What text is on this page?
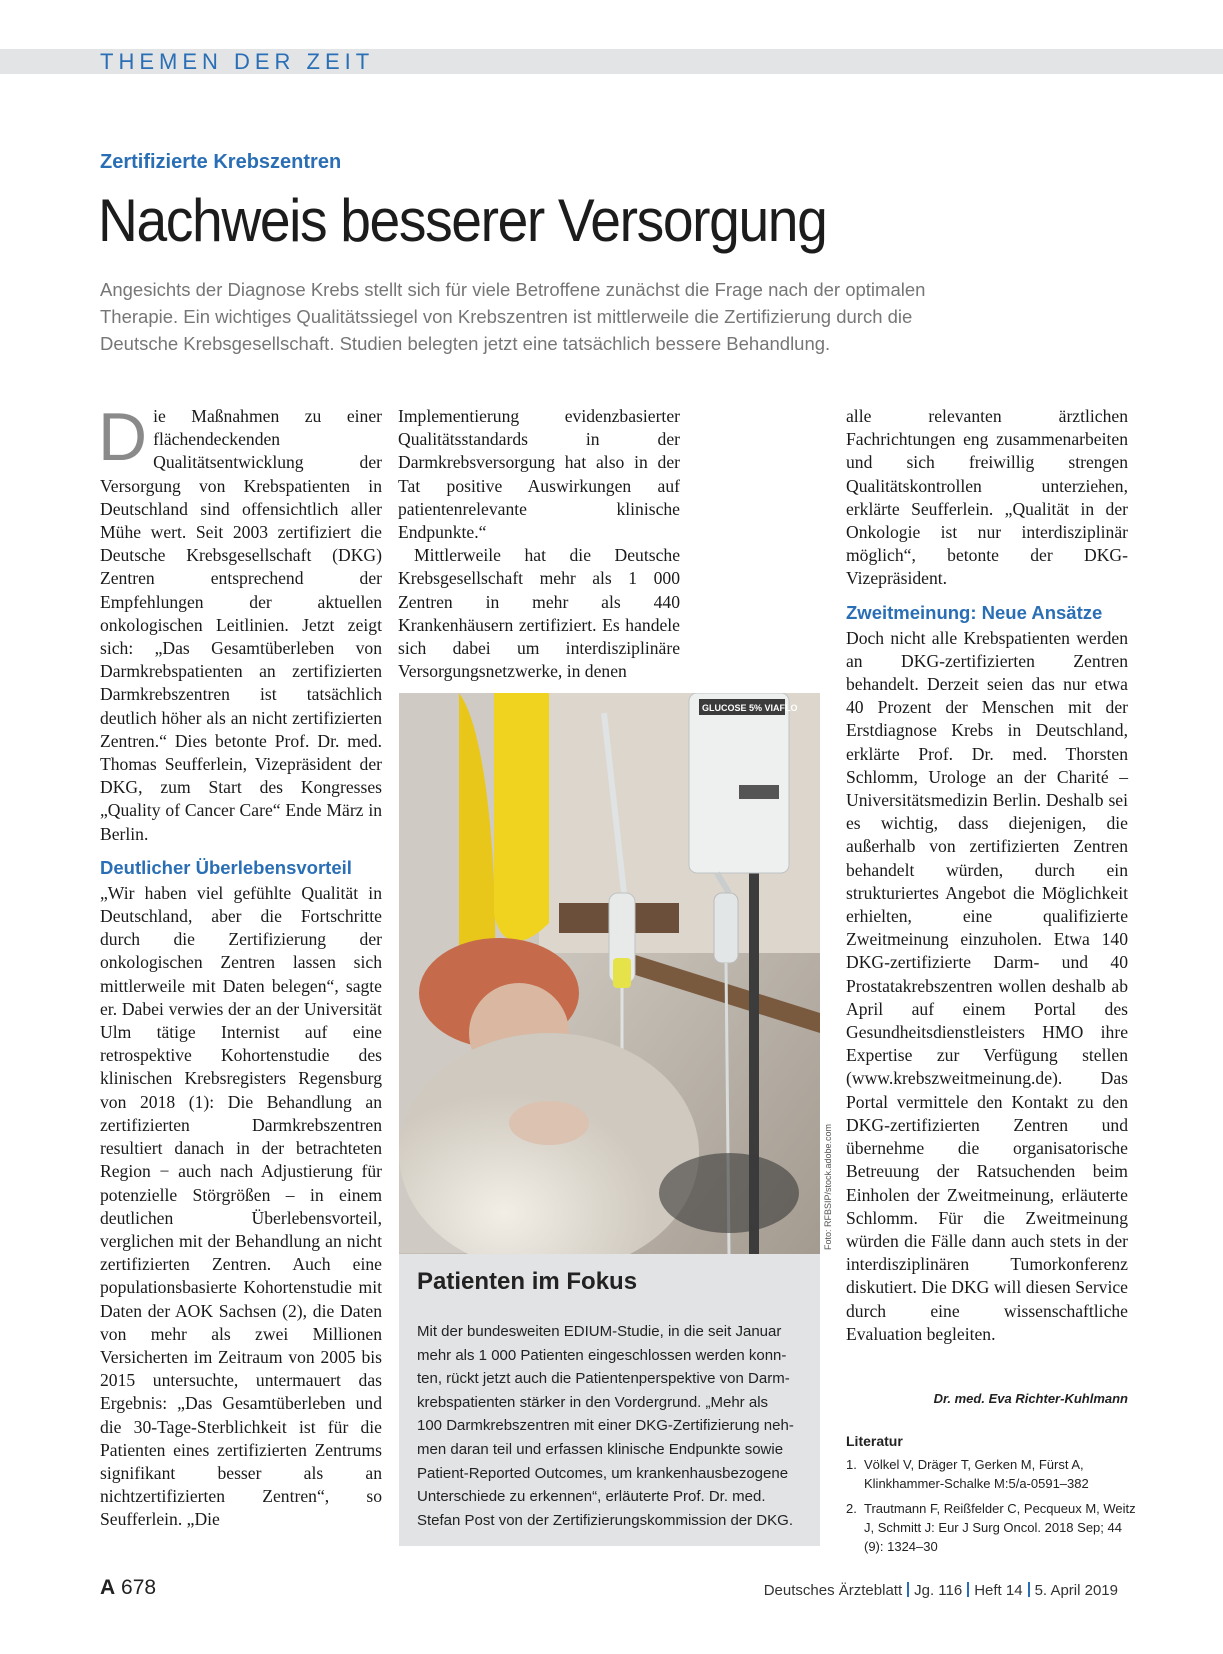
THEMEN DER ZEIT
Zertifizierte Krebszentren
Nachweis besserer Versorgung
Angesichts der Diagnose Krebs stellt sich für viele Betroffene zunächst die Frage nach der optimalen
Therapie. Ein wichtiges Qualitätssiegel von Krebszentren ist mittlerweile die Zertifizierung durch die
Deutsche Krebsgesellschaft. Studien belegten jetzt eine tatsächlich bessere Behandlung.

Die Maßnahmen zu einer flächendeckenden Qualitätsentwicklung der Versorgung von Krebspatienten in Deutschland sind offensichtlich aller Mühe wert. Seit 2003 zertifiziert die Deutsche Krebsgesellschaft (DKG) Zentren entsprechend der Empfehlungen der aktuellen onkologischen Leitlinien. Jetzt zeigt sich: „Das Gesamtüberleben von Darmkrebspatienten an zertifizierten Darmkrebszentren ist tatsächlich deutlich höher als an nicht zertifizierten Zentren.“ Dies betonte Prof. Dr. med. Thomas Seufferlein, Vizepräsident der DKG, zum Start des Kongresses „Quality of Cancer Care“ Ende März in Berlin.

Deutlicher Überlebensvorteil

„Wir haben viel gefühlte Qualität in Deutschland, aber die Fortschritte durch die Zertifizierung der onkologischen Zentren lassen sich mittlerweile mit Daten belegen“, sagte er. Dabei verwies der an der Universität Ulm tätige Internist auf eine retrospektive Kohortenstudie des klinischen Krebsregisters Regensburg von 2018 (1): Die Behandlung an zertifizierten Darmkrebszentren resultiert danach in der betrachteten Region − auch nach Adjustierung für potenzielle Störgrößen – in einem deutlichen Überlebensvorteil, verglichen mit der Behandlung an nicht zertifizierten Zentren. Auch eine populationsbasierte Kohortenstudie mit Daten der AOK Sachsen (2), die Daten von mehr als zwei Millionen Versicherten im Zeitraum von 2005 bis 2015 untersuchte, untermauert das Ergebnis: „Das Gesamtüberleben und die 30-Tage-Sterblichkeit ist für die Patienten eines zertifizierten Zentrums signifikant besser als an nichtzertifizierten Zentren“, so Seufferlein. „Die

Implementierung evidenzbasierter Qualitätsstandards in der Darmkrebsversorgung hat also in der Tat positive Auswirkungen auf patientenrelevante klinische Endpunkte.“

Mittlerweile hat die Deutsche Krebsgesellschaft mehr als 1 000 Zentren in mehr als 440 Krankenhäusern zertifiziert. Es handele sich dabei um interdisziplinäre Versorgungsnetzwerke, in denen

GLUCOSE 5% VIAFLO
Foto: RFBSIP/stock.adobe.com
Patienten im Fokus
Mit der bundesweiten EDIUM-Studie, in die seit Januar
mehr als 1 000 Patienten eingeschlossen werden konn-
ten, rückt jetzt auch die Patientenperspektive von Darm-
krebspatienten stärker in den Vordergrund. „Mehr als
100 Darmkrebszentren mit einer DKG-Zertifizierung neh-
men daran teil und erfassen klinische Endpunkte sowie
Patient-Reported Outcomes, um krankenhausbezogene
Unterschiede zu erkennen“, erläuterte Prof. Dr. med.
Stefan Post von der Zertifizierungskommission der DKG.

alle relevanten ärztlichen Fachrichtungen eng zusammenarbeiten und sich freiwillig strengen Qualitätskontrollen unterziehen, erklärte Seufferlein. „Qualität in der Onkologie ist nur interdisziplinär möglich“, betonte der DKG-Vizepräsident.

Zweitmeinung: Neue Ansätze

Doch nicht alle Krebspatienten werden an DKG-zertifizierten Zentren behandelt. Derzeit seien das nur etwa 40 Prozent der Menschen mit der Erstdiagnose Krebs in Deutschland, erklärte Prof. Dr. med. Thorsten Schlomm, Urologe an der Charité – Universitätsmedizin Berlin. Deshalb sei es wichtig, dass diejenigen, die außerhalb von zertifizierten Zentren behandelt würden, durch ein strukturiertes Angebot die Möglichkeit erhielten, eine qualifizierte Zweitmeinung einzuholen. Etwa 140 DKG-zertifizierte Darm- und 40 Prostatakrebszentren wollen deshalb ab April auf einem Portal des Gesundheitsdienstleisters HMO ihre Expertise zur Verfügung stellen (www.krebszweitmeinung.de). Das Portal vermittele den Kontakt zu den DKG-zertifizierten Zentren und übernehme die organisatorische Betreuung der Ratsuchenden beim Einholen der Zweitmeinung, erläuterte Schlomm. Für die Zweitmeinung würden die Fälle dann auch stets in der interdisziplinären Tumorkonferenz diskutiert. Die DKG will diesen Service durch eine wissenschaftliche Evaluation begleiten.

Dr. med. Eva Richter-Kuhlmann
Literatur
1. Völkel V, Dräger T, Gerken M, Fürst A, Klinkhammer-Schalke M:5/a-0591–382
2. Trautmann F, Reißfelder C, Pecqueux M, Weitz J, Schmitt J: Eur J Surg Oncol. 2018 Sep; 44 (9): 1324–30
A 678	Deutsches Ärzteblatt Jg. 116 Heft 14 5. April 2019
